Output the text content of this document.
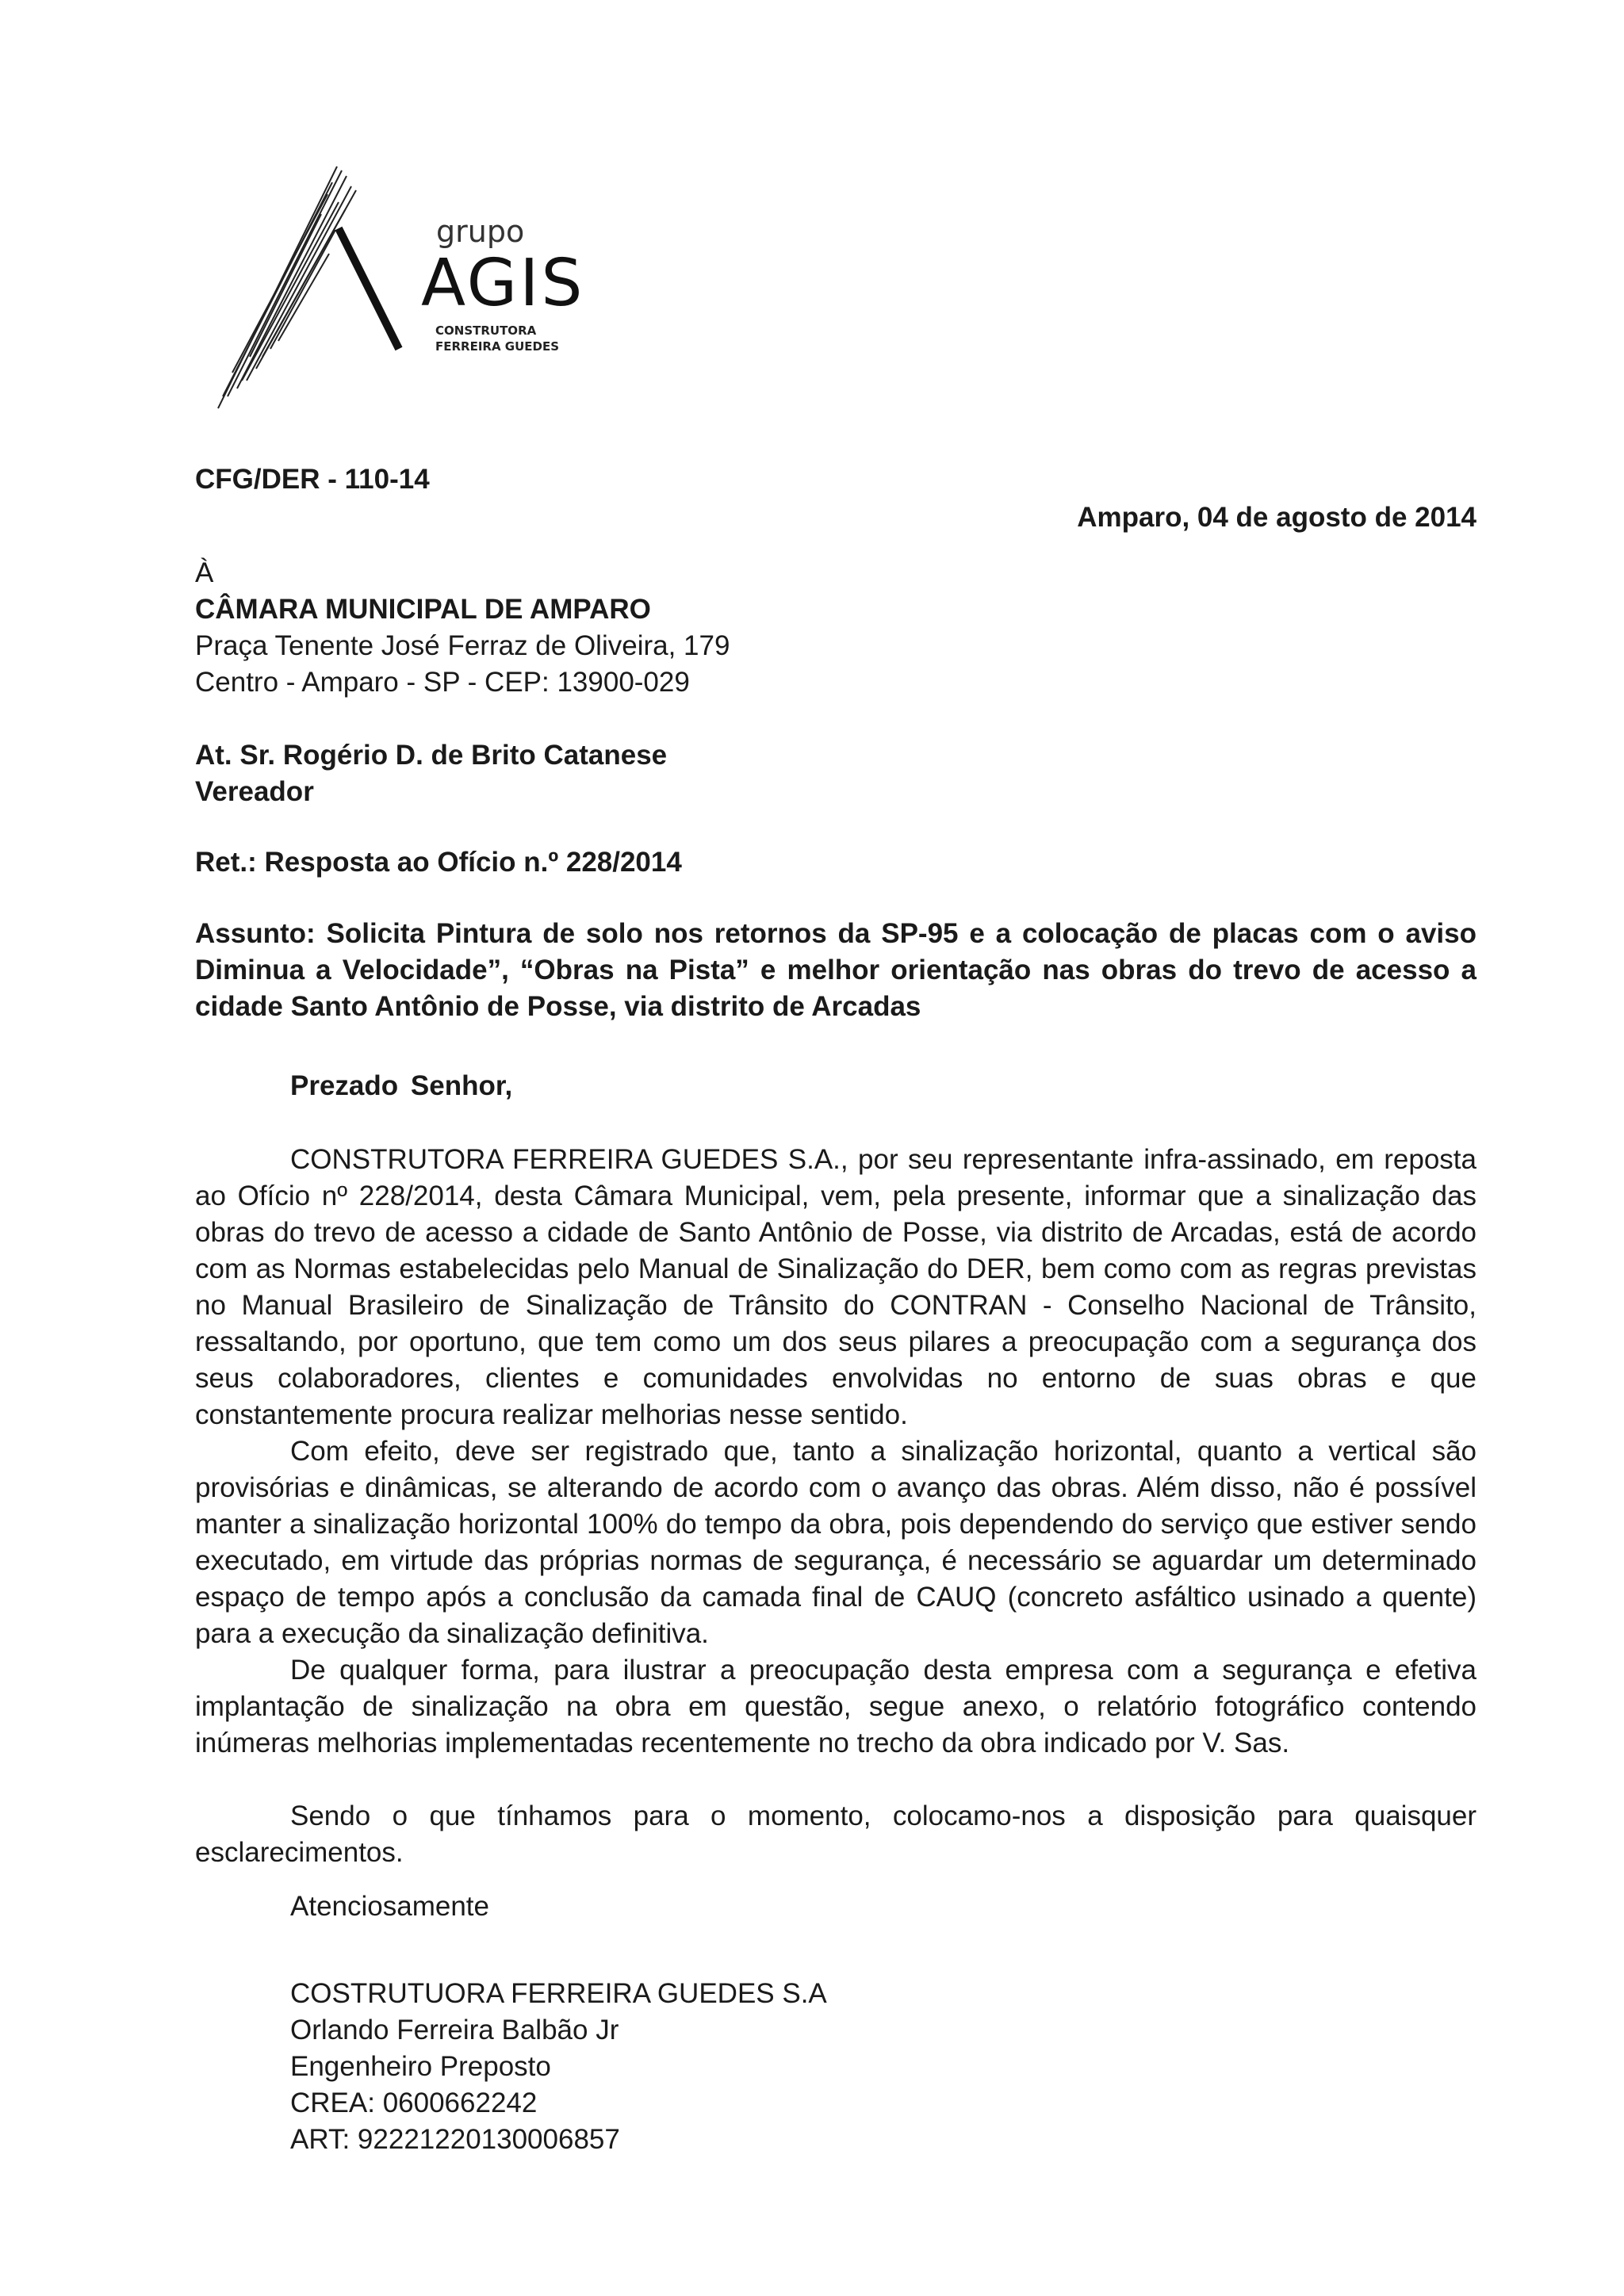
grupo
AGIS
CONSTRUTORA
FERREIRA GUEDES
CFG/DER - 110-14
Amparo, 04 de agosto de 2014
À
CÂMARA MUNICIPAL DE AMPARO
Praça Tenente José Ferraz de Oliveira, 179
Centro - Amparo - SP - CEP: 13900-029
At. Sr. Rogério D. de Brito Catanese
Vereador
Ret.: Resposta ao Ofício n.º 228/2014
Assunto: Solicita Pintura de solo nos retornos da SP-95 e a colocação de placas com o aviso Diminua a Velocidade”, “Obras na Pista” e melhor orientação nas obras do trevo de acesso a cidade Santo Antônio de Posse, via distrito de Arcadas
Prezado Senhor,

CONSTRUTORA FERREIRA GUEDES S.A., por seu representante infra-assinado, em reposta ao Ofício nº 228/2014, desta Câmara Municipal, vem, pela presente, informar que a sinalização das obras do trevo de acesso a cidade de Santo Antônio de Posse, via distrito de Arcadas, está de acordo com as Normas estabelecidas pelo Manual de Sinalização do DER, bem como com as regras previstas no Manual Brasileiro de Sinalização de Trânsito do CONTRAN - Conselho Nacional de Trânsito, ressaltando, por oportuno, que tem como um dos seus pilares a preocupação com a segurança dos seus colaboradores, clientes e comunidades envolvidas no entorno de suas obras e que constantemente procura realizar melhorias nesse sentido.

Com efeito, deve ser registrado que, tanto a sinalização horizontal, quanto a vertical são provisórias e dinâmicas, se alterando de acordo com o avanço das obras. Além disso, não é possível manter a sinalização horizontal 100% do tempo da obra, pois dependendo do serviço que estiver sendo executado, em virtude das próprias normas de segurança, é necessário se aguardar um determinado espaço de tempo após a conclusão da camada final de CAUQ (concreto asfáltico usinado a quente) para a execução da sinalização definitiva.

De qualquer forma, para ilustrar a preocupação desta empresa com a segurança e efetiva implantação de sinalização na obra em questão, segue anexo, o relatório fotográfico contendo inúmeras melhorias implementadas recentemente no trecho da obra indicado por V. Sas.

Sendo o que tínhamos para o momento, colocamo-nos a disposição para quaisquer esclarecimentos.

Atenciosamente
COSTRUTUORA FERREIRA GUEDES S.A
Orlando Ferreira Balbão Jr
Engenheiro Preposto
CREA: 0600662242
ART: 92221220130006857
